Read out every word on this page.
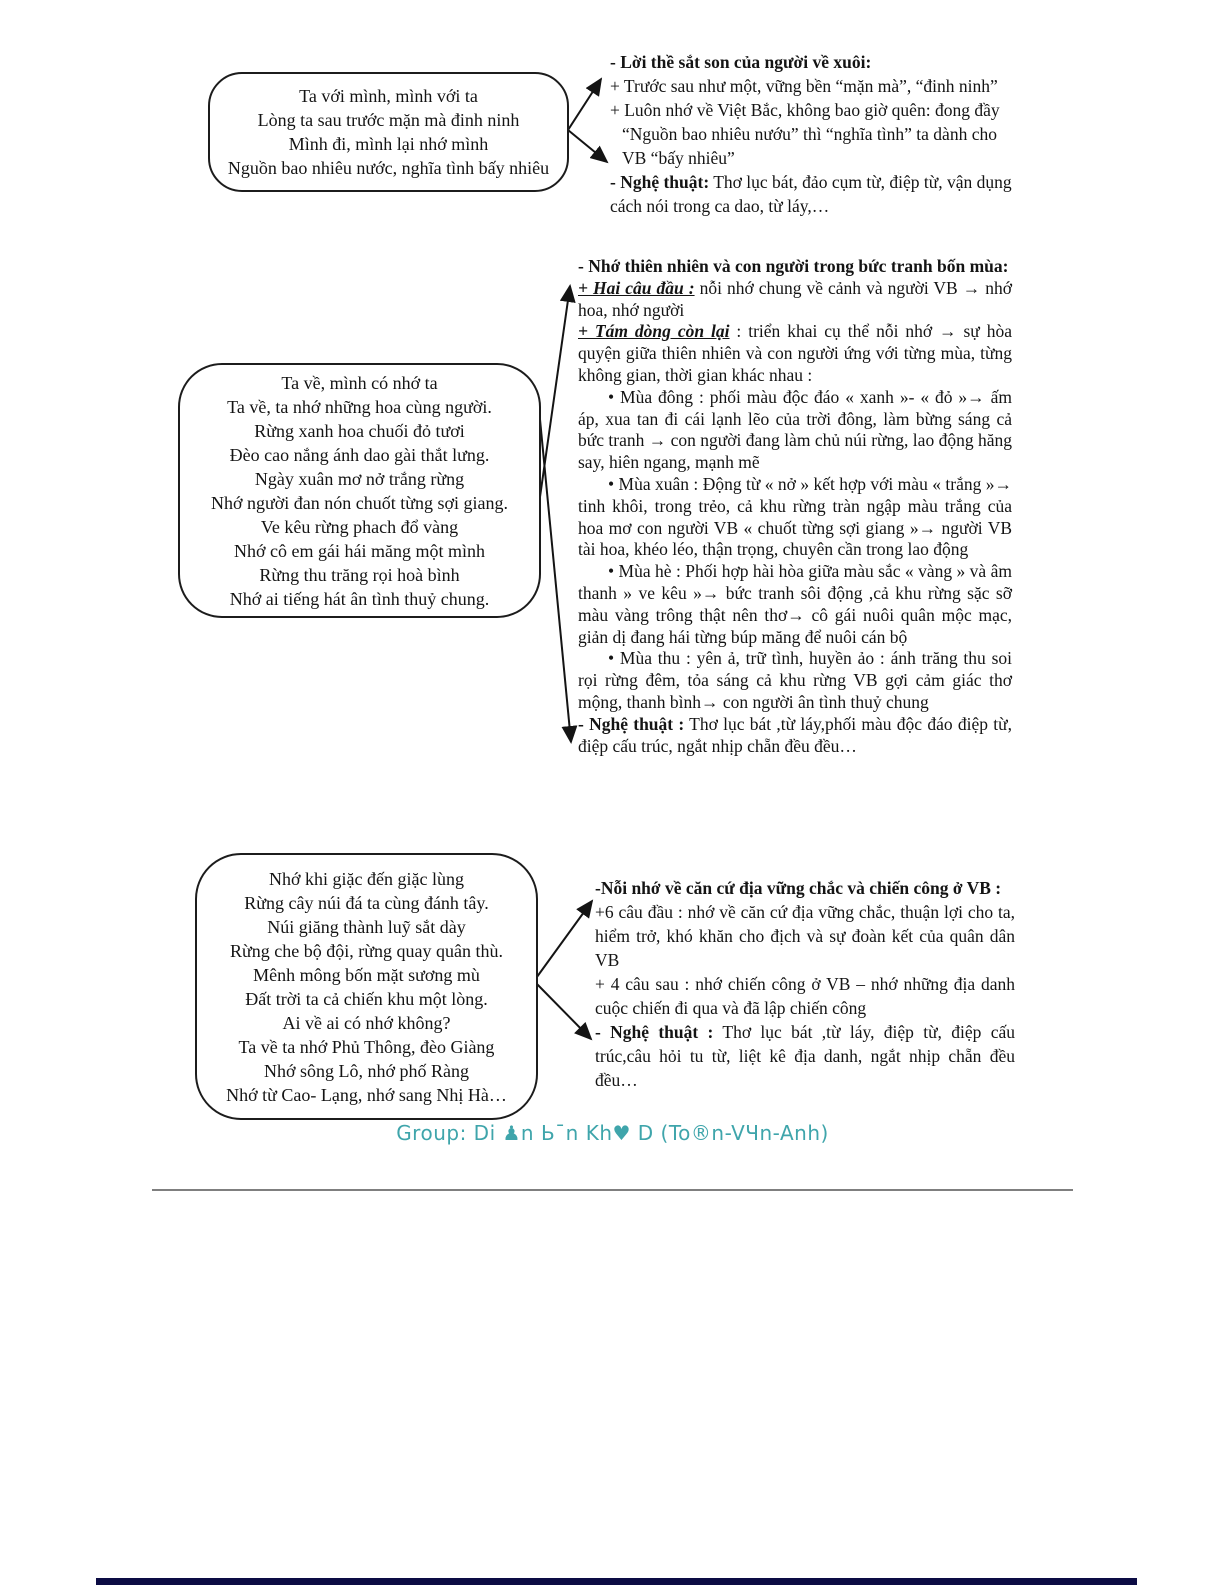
Ta với mình, mình với ta
Lòng ta sau trước mặn mà đinh ninh
Mình đi, mình lại nhớ mình
Nguồn bao nhiêu nước, nghĩa tình bấy nhiêu

- Lời thề sắt son của người về xuôi:

+ Trước sau như một, vững bền “mặn mà”, “đinh ninh”

+ Luôn nhớ về Việt Bắc, không bao giờ quên: đong đầy “Nguồn bao nhiêu nướu” thì “nghĩa tình” ta dành cho VB “bấy nhiêu”

- Nghệ thuật: Thơ lục bát, đảo cụm từ, điệp từ, vận dụng cách nói trong ca dao, từ láy,…

Ta về, mình có nhớ ta
Ta về, ta nhớ những hoa cùng người.
Rừng xanh hoa chuối đỏ tươi
Đèo cao nắng ánh dao gài thắt lưng.
Ngày xuân mơ nở trắng rừng
Nhớ người đan nón chuốt từng sợi giang.
Ve kêu rừng phach đổ vàng
Nhớ cô em gái hái măng một mình
Rừng thu trăng rọi hoà bình
Nhớ ai tiếng hát ân tình thuỷ chung.

- Nhớ thiên nhiên và con người trong bức tranh bốn mùa:

+ Hai câu đầu : nỗi nhớ chung về cảnh và người VB → nhớ hoa, nhớ người

+ Tám dòng còn lại : triển khai cụ thể nỗi nhớ → sự hòa quyện giữa thiên nhiên và con người ứng với từng mùa, từng không gian, thời gian khác nhau :

• Mùa đông : phối màu độc đáo « xanh »- « đỏ »→ ấm áp, xua tan đi cái lạnh lẽo của trời đông, làm bừng sáng cả bức tranh → con người đang làm chủ núi rừng, lao động hăng say, hiên ngang, mạnh mẽ

• Mùa xuân : Động từ « nở » kết hợp với màu « trắng »→ tinh khôi, trong trẻo, cả khu rừng tràn ngập màu trắng của hoa mơ con người VB « chuốt từng sợi giang »→ người VB tài hoa, khéo léo, thận trọng, chuyên cần trong lao động

• Mùa hè : Phối hợp hài hòa giữa màu sắc « vàng » và âm thanh » ve kêu »→ bức tranh sôi động ,cả khu rừng sặc sỡ màu vàng trông thật nên thơ→ cô gái nuôi quân mộc mạc, giản dị đang hái từng búp măng để nuôi cán bộ

• Mùa thu : yên ả, trữ tình, huyền ảo : ánh trăng thu soi rọi rừng đêm, tỏa sáng cả khu rừng VB gợi cảm giác thơ mộng, thanh bình→ con người ân tình thuỷ chung

- Nghệ thuật : Thơ lục bát ,từ láy,phối màu độc đáo điệp từ, điệp cấu trúc, ngắt nhịp chẵn đều đều…

Nhớ khi giặc đến giặc lùng
Rừng cây núi đá ta cùng đánh tây.
Núi giăng thành luỹ sắt dày
Rừng che bộ đội, rừng quay quân thù.
Mênh mông bốn mặt sương mù
Đất trời ta cả chiến khu một lòng.
Ai về ai có nhớ không?
Ta về ta nhớ Phủ Thông, đèo Giàng
Nhớ sông Lô, nhớ phố Ràng
Nhớ từ Cao- Lạng, nhớ sang Nhị Hà…

-Nỗi nhớ về căn cứ địa vững chắc và chiến công ở VB :

+6 câu đầu : nhớ về căn cứ địa vững chắc, thuận lợi cho ta, hiểm trở, khó khăn cho địch và sự đoàn kết của quân dân VB

+ 4 câu sau : nhớ chiến công ở VB – nhớ những địa danh cuộc chiến đi qua và đã lập chiến công

- Nghệ thuật : Thơ lục bát ,từ láy, điệp từ, điệp cấu trúc,câu hỏi tu từ, liệt kê địa danh, ngắt nhịp chẵn đều đều…

Group: Di ♟n Ь¯n Kh♥ D (To®n-VЧn-Anh)
